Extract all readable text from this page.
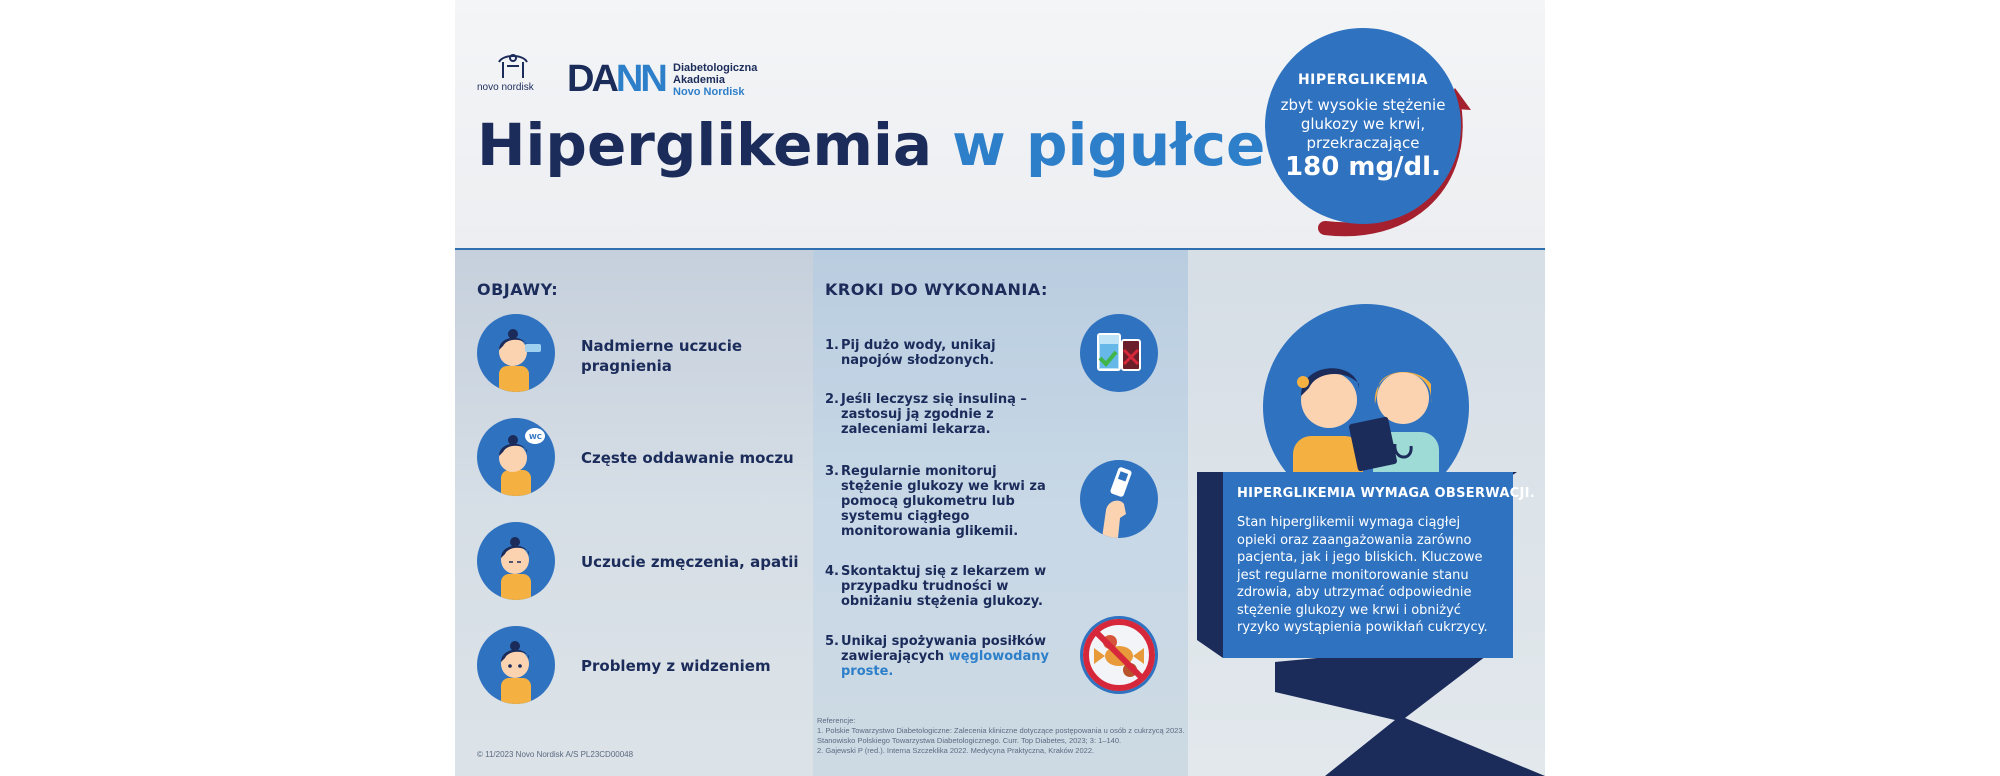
novo nordisk DANN Diabetologiczna
Akademia
Novo Nordisk
Hiperglikemia w pigułce
HIPERGLIKEMIA
zbyt wysokie stężenie glukozy we krwi, przekraczające
180 mg/dl.
OBJAWY:
Nadmierne uczucie pragnienia
WC
Częste oddawanie moczu
Uczucie zmęczenia, apatii
Problemy z widzeniem
KROKI DO WYKONANIA:
1. Pij dużo wody, unikaj napojów słodzonych.
2. Jeśli leczysz się insuliną – zastosuj ją zgodnie z zaleceniami lekarza.
3. Regularnie monitoruj stężenie glukozy we krwi za pomocą glukometru lub systemu ciągłego monitorowania glikemii.
4. Skontaktuj się z lekarzem w przypadku trudności w obniżaniu stężenia glukozy.
5. Unikaj spożywania posiłków zawierających węglowodany proste.
Referencje:
1. Polskie Towarzystwo Diabetologiczne: Zalecenia kliniczne dotyczące postępowania u osób z cukrzycą 2023. Stanowisko Polskiego Towarzystwa Diabetologicznego. Curr. Top Diabetes, 2023; 3: 1–140.
2. Gajewski P (red.). Interna Szczeklika 2022. Medycyna Praktyczna, Kraków 2022.
© 11/2023 Novo Nordisk A/S PL23CD00048
HIPERGLIKEMIA WYMAGA OBSERWACJI.
Stan hiperglikemii wymaga ciągłej opieki oraz zaangażowania zarówno pacjenta, jak i jego bliskich. Kluczowe jest regularne monitorowanie stanu zdrowia, aby utrzymać odpowiednie stężenie glukozy we krwi i obniżyć ryzyko wystąpienia powikłań cukrzycy.
